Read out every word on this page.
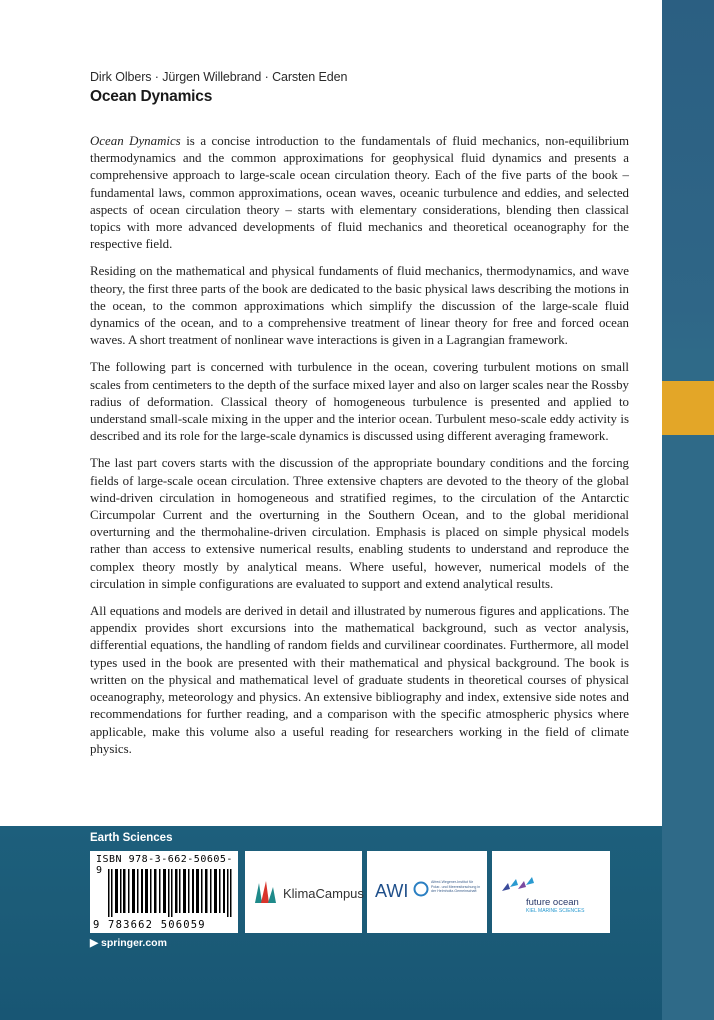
Dirk Olbers · Jürgen Willebrand · Carsten Eden
Ocean Dynamics

Ocean Dynamics is a concise introduction to the fundamentals of fluid mechanics, non-equilibrium thermodynamics and the common approximations for geophysical fluid dynamics and presents a comprehensive approach to large-scale ocean circulation theory. Each of the five parts of the book – fundamental laws, common approximations, ocean waves, oceanic turbulence and eddies, and selected aspects of ocean circulation theory – starts with elementary considerations, blending then classical topics with more advanced developments of fluid mechanics and theoretical oceanography for the respective field.

Residing on the mathematical and physical fundaments of fluid mechanics, thermodynamics, and wave theory, the first three parts of the book are dedicated to the basic physical laws describing the motions in the ocean, to the common approximations which simplify the discussion of the large-scale fluid dynamics of the ocean, and to a comprehensive treatment of linear theory for free and forced ocean waves. A short treatment of nonlinear wave interactions is given in a Lagrangian framework.

The following part is concerned with turbulence in the ocean, covering turbulent motions on small scales from centimeters to the depth of the surface mixed layer and also on larger scales near the Rossby radius of deformation. Classical theory of homogeneous turbulence is presented and applied to understand small-scale mixing in the upper and the interior ocean. Turbulent meso-scale eddy activity is described and its role for the large-scale dynamics is discussed using different averaging framework.

The last part covers starts with the discussion of the appropriate boundary conditions and the forcing fields of large-scale ocean circulation. Three extensive chapters are devoted to the theory of the global wind-driven circulation in homogeneous and stratified regimes, to the circulation of the Antarctic Circumpolar Current and the overturning in the Southern Ocean, and to the global meridional overturning and the thermohaline-driven circulation. Emphasis is placed on simple physical models rather than access to extensive numerical results, enabling students to understand and reproduce the complex theory mostly by analytical means. Where useful, however, numerical models of the circulation in simple configurations are evaluated to support and extend analytical results.

All equations and models are derived in detail and illustrated by numerous figures and applications. The appendix provides short excursions into the mathematical background, such as vector analysis, differential equations, the handling of random fields and curvilinear coordinates. Furthermore, all model types used in the book are presented with their mathematical and physical background. The book is written on the physical and mathematical level of graduate students in theoretical courses of physical oceanography, meteorology and physics. An extensive bibliography and index, extensive side notes and recommendations for further reading, and a comparison with the specific atmospheric physics where applicable, make this volume also a useful reading for researchers working in the field of climate physics.

Earth Sciences
ISBN 978-3-662-50605-9
9 783662 506059
KlimaCampus AWI	Alfred-Wegener-Institut für Polar- und Meeresforschung in der Helmholtz-Gemeinschaft
future ocean
KIEL MARINE SCIENCES
▶ springer.com
